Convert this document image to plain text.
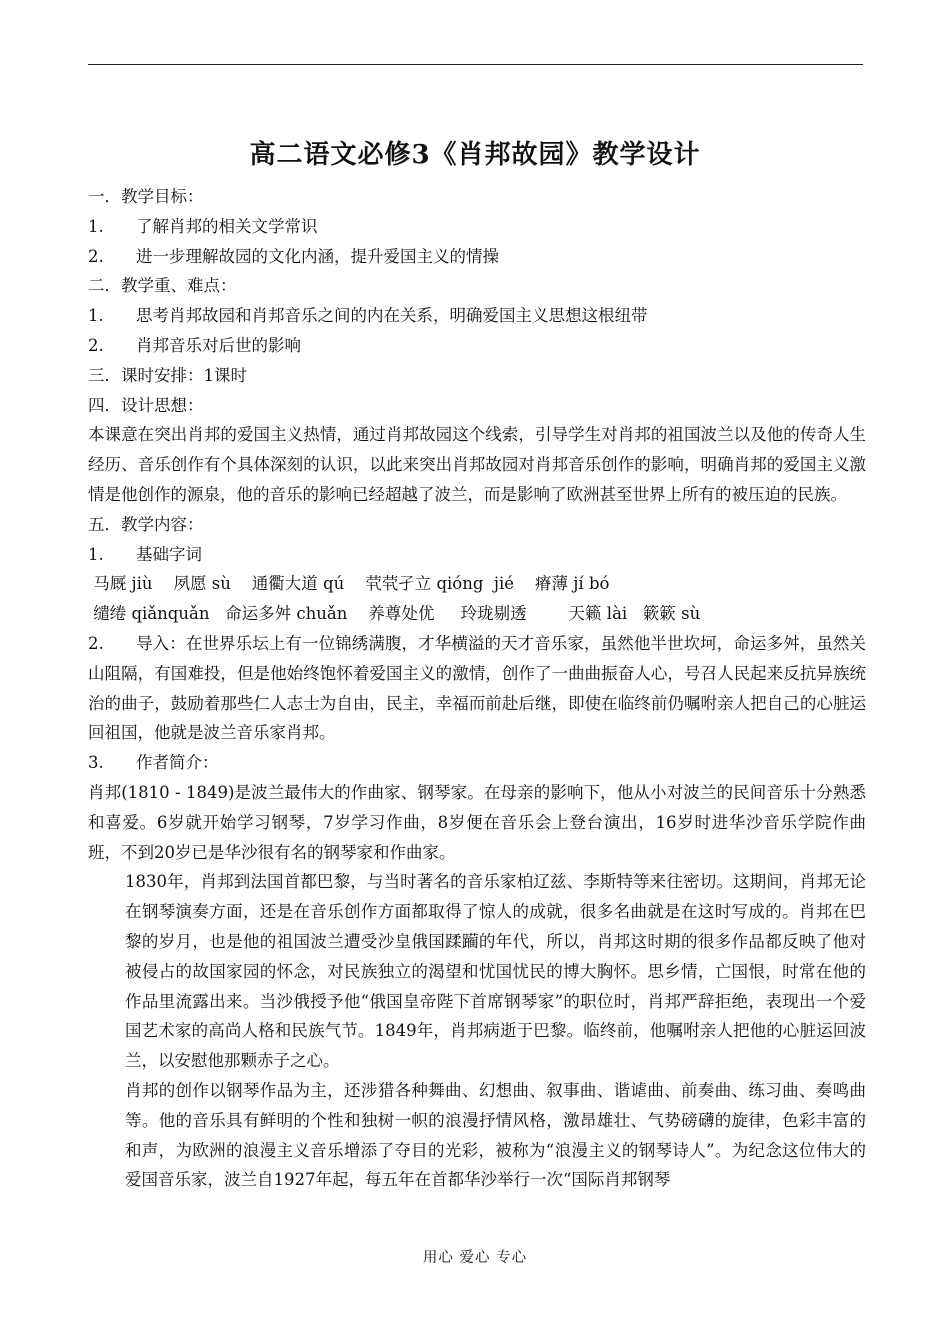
高二语文必修3《肖邦故园》教学设计
一．教学目标：
1. 了解肖邦的相关文学常识
2. 进一步理解故园的文化内涵，提升爱国主义的情操
二．教学重、难点：
1. 思考肖邦故园和肖邦音乐之间的内在关系，明确爱国主义思想这根纽带
2. 肖邦音乐对后世的影响
三．课时安排：1课时
四．设计思想：
本课意在突出肖邦的爱国主义热情，通过肖邦故园这个线索，引导学生对肖邦的祖国波兰以及他的传奇人生经历、音乐创作有个具体深刻的认识，以此来突出肖邦故园对肖邦音乐创作的影响，明确肖邦的爱国主义激情是他创作的源泉，他的音乐的影响已经超越了波兰，而是影响了欧洲甚至世界上所有的被压迫的民族。
五．教学内容：
1. 基础字词
马厩 jiù    夙愿 sù    通衢大道 qú    茕茕孑立 qióng  jié    瘠薄 jí bó
缱绻 qiǎnquǎn   命运多舛 chuǎn    养尊处优     玲珑剔透        天籁 lài   簌簌 sù
2. 导入：在世界乐坛上有一位锦绣满腹，才华横溢的天才音乐家，虽然他半世坎坷，命运多舛，虽然关山阻隔，有国难投，但是他始终饱怀着爱国主义的激情，创作了一曲曲振奋人心，号召人民起来反抗异族统治的曲子，鼓励着那些仁人志士为自由，民主，幸福而前赴后继，即使在临终前仍嘱咐亲人把自己的心脏运回祖国，他就是波兰音乐家肖邦。
3. 作者简介：
肖邦(1810 - 1849)是波兰最伟大的作曲家、钢琴家。在母亲的影响下，他从小对波兰的民间音乐十分熟悉和喜爱。6岁就开始学习钢琴，7岁学习作曲，8岁便在音乐会上登台演出，16岁时进华沙音乐学院作曲班，不到20岁已是华沙很有名的钢琴家和作曲家。
1830年，肖邦到法国首都巴黎，与当时著名的音乐家柏辽兹、李斯特等来往密切。这期间，肖邦无论在钢琴演奏方面，还是在音乐创作方面都取得了惊人的成就，很多名曲就是在这时写成的。肖邦在巴黎的岁月，也是他的祖国波兰遭受沙皇俄国蹂躏的年代，所以，肖邦这时期的很多作品都反映了他对被侵占的故国家园的怀念，对民族独立的渴望和忧国忧民的博大胸怀。思乡情，亡国恨，时常在他的作品里流露出来。当沙俄授予他“俄国皇帝陛下首席钢琴家”的职位时，肖邦严辞拒绝，表现出一个爱国艺术家的高尚人格和民族气节。1849年，肖邦病逝于巴黎。临终前，他嘱咐亲人把他的心脏运回波兰，以安慰他那颗赤子之心。
肖邦的创作以钢琴作品为主，还涉猎各种舞曲、幻想曲、叙事曲、谐谑曲、前奏曲、练习曲、奏鸣曲等。他的音乐具有鲜明的个性和独树一帜的浪漫抒情风格，激昂雄壮、气势磅礴的旋律，色彩丰富的和声，为欧洲的浪漫主义音乐增添了夺目的光彩，被称为“浪漫主义的钢琴诗人”。为纪念这位伟大的爱国音乐家，波兰自1927年起，每五年在首都华沙举行一次“国际肖邦钢琴
用心 爱心 专心
